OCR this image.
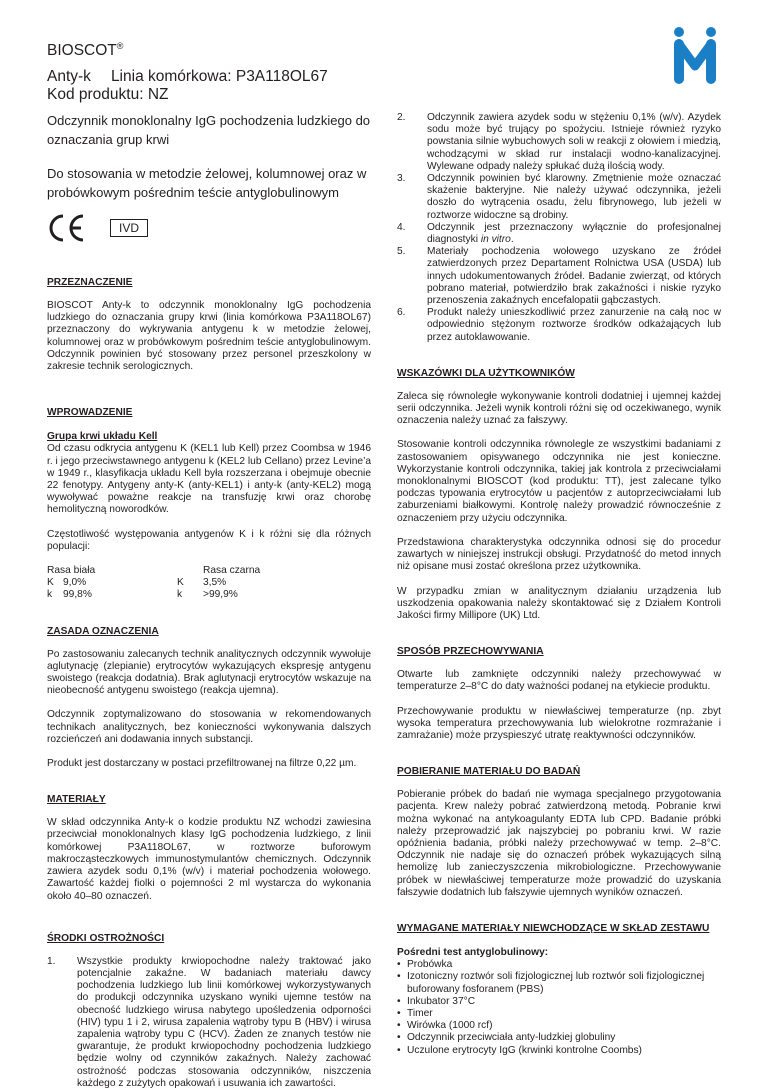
BIOSCOT®
Anty-k Linia komórkowa: P3A118OL67
Kod produktu: NZ

Odczynnik monoklonalny IgG pochodzenia ludzkiego do oznaczania grup krwi

Do stosowania w metodzie żelowej, kolumnowej oraz w probówkowym pośrednim teście antyglobulinowym

IVD

PRZEZNACZENIE

BIOSCOT Anty-k to odczynnik monoklonalny IgG pochodzenia ludzkiego do oznaczania grupy krwi (linia komórkowa P3A118OL67) przeznaczony do wykrywania antygenu k w metodzie żelowej, kolumnowej oraz w probówkowym pośrednim teście antyglobulinowym. Odczynnik powinien być stosowany przez personel przeszkolony w zakresie technik serologicznych.

WPROWADZENIE

Grupa krwi układu Kell

Od czasu odkrycia antygenu K (KEL1 lub Kell) przez Coombsa w 1946 r. i jego przeciwstawnego antygenu k (KEL2 lub Cellano) przez Levine’a w 1949 r., klasyfikacja układu Kell była rozszerzana i obejmuje obecnie 22 fenotypy. Antygeny anty-K (anty-KEL1) i anty-k (anty-KEL2) mogą wywoływać poważne reakcje na transfuzję krwi oraz chorobę hemolityczną noworodków.

Częstotliwość występowania antygenów K i k różni się dla różnych populacji:

Rasa biała			Rasa czarna
K	9,0%	K	3,5%
k	99,8%	k	>99,9%

ZASADA OZNACZENIA

Po zastosowaniu zalecanych technik analitycznych odczynnik wywołuje aglutynację (zlepianie) erytrocytów wykazujących ekspresję antygenu swoistego (reakcja dodatnia). Brak aglutynacji erytrocytów wskazuje na nieobecność antygenu swoistego (reakcja ujemna).

Odczynnik zoptymalizowano do stosowania w rekomendowanych technikach analitycznych, bez konieczności wykonywania dalszych rozcieńczeń ani dodawania innych substancji.

Produkt jest dostarczany w postaci przefiltrowanej na filtrze 0,22 µm.

MATERIAŁY

W skład odczynnika Anty-k o kodzie produktu NZ wchodzi zawiesina przeciwciał monoklonalnych klasy IgG pochodzenia ludzkiego, z linii komórkowej P3A118OL67, w roztworze buforowym makrocząsteczkowych immunostymulantów chemicznych. Odczynnik zawiera azydek sodu 0,1% (w/v) i materiał pochodzenia wołowego. Zawartość każdej fiolki o pojemności 2 ml wystarcza do wykonania około 40–80 oznaczeń.

ŚRODKI OSTROŻNOŚCI

1. Wszystkie produkty krwiopochodne należy traktować jako potencjalnie zakaźne. W badaniach materiału dawcy pochodzenia ludzkiego lub linii komórkowej wykorzystywanych do produkcji odczynnika uzyskano wyniki ujemne testów na obecność ludzkiego wirusa nabytego upośledzenia odporności (HIV) typu 1 i 2, wirusa zapalenia wątroby typu B (HBV) i wirusa zapalenia wątroby typu C (HCV). Żaden ze znanych testów nie gwarantuje, że produkt krwiopochodny pochodzenia ludzkiego będzie wolny od czynników zakaźnych. Należy zachować ostrożność podczas stosowania odczynników, niszczenia każdego z zużytych opakowań i usuwania ich zawartości.
2. Odczynnik zawiera azydek sodu w stężeniu 0,1% (w/v). Azydek sodu może być trujący po spożyciu. Istnieje również ryzyko powstania silnie wybuchowych soli w reakcji z ołowiem i miedzią, wchodzącymi w skład rur instalacji wodno-kanalizacyjnej. Wylewane odpady należy spłukać dużą ilością wody.
3. Odczynnik powinien być klarowny. Zmętnienie może oznaczać skażenie bakteryjne. Nie należy używać odczynnika, jeżeli doszło do wytrącenia osadu, żelu fibrynowego, lub jeżeli w roztworze widoczne są drobiny.
4. Odczynnik jest przeznaczony wyłącznie do profesjonalnej diagnostyki in vitro.
5. Materiały pochodzenia wołowego uzyskano ze źródeł zatwierdzonych przez Departament Rolnictwa USA (USDA) lub innych udokumentowanych źródeł. Badanie zwierząt, od których pobrano materiał, potwierdziło brak zakaźności i niskie ryzyko przenoszenia zakaźnych encefalopatii gąbczastych.
6. Produkt należy unieszkodliwić przez zanurzenie na całą noc w odpowiednio stężonym roztworze środków odkażających lub przez autoklawowanie.

WSKAZÓWKI DLA UŻYTKOWNIKÓW

Zaleca się równoległe wykonywanie kontroli dodatniej i ujemnej każdej serii odczynnika. Jeżeli wynik kontroli różni się od oczekiwanego, wynik oznaczenia należy uznać za fałszywy.

Stosowanie kontroli odczynnika równolegle ze wszystkimi badaniami z zastosowaniem opisywanego odczynnika nie jest konieczne. Wykorzystanie kontroli odczynnika, takiej jak kontrola z przeciwciałami monoklonalnymi BIOSCOT (kod produktu: TT), jest zalecane tylko podczas typowania erytrocytów u pacjentów z autoprzeciwciałami lub zaburzeniami białkowymi. Kontrolę należy prowadzić równocześnie z oznaczeniem przy użyciu odczynnika.

Przedstawiona charakterystyka odczynnika odnosi się do procedur zawartych w niniejszej instrukcji obsługi. Przydatność do metod innych niż opisane musi zostać określona przez użytkownika.

W przypadku zmian w analitycznym działaniu urządzenia lub uszkodzenia opakowania należy skontaktować się z Działem Kontroli Jakości firmy Millipore (UK) Ltd.

SPOSÓB PRZECHOWYWANIA

Otwarte lub zamknięte odczynniki należy przechowywać w temperaturze 2–8°C do daty ważności podanej na etykiecie produktu.

Przechowywanie produktu w niewłaściwej temperaturze (np. zbyt wysoka temperatura przechowywania lub wielokrotne rozmrażanie i zamrażanie) może przyspieszyć utratę reaktywności odczynników.

POBIERANIE MATERIAŁU DO BADAŃ

Pobieranie próbek do badań nie wymaga specjalnego przygotowania pacjenta. Krew należy pobrać zatwierdzoną metodą. Pobranie krwi można wykonać na antykoagulanty EDTA lub CPD. Badanie próbki należy przeprowadzić jak najszybciej po pobraniu krwi. W razie opóźnienia badania, próbki należy przechowywać w temp. 2–8°C. Odczynnik nie nadaje się do oznaczeń próbek wykazujących silną hemolizę lub zanieczyszczenia mikrobiologiczne. Przechowywanie próbek w niewłaściwej temperaturze może prowadzić do uzyskania fałszywie dodatnich lub fałszywie ujemnych wyników oznaczeń.

WYMAGANE MATERIAŁY NIEWCHODZĄCE W SKŁAD ZESTAWU

Pośredni test antyglobulinowy:

• Probówka
• Izotoniczny roztwór soli fizjologicznej lub roztwór soli fizjologicznej buforowany fosforanem (PBS)
• Inkubator 37°C
• Timer
• Wirówka (1000 rcf)
• Odczynnik przeciwciała anty-ludzkiej globuliny
• Uczulone erytrocyty IgG (krwinki kontrolne Coombs)
